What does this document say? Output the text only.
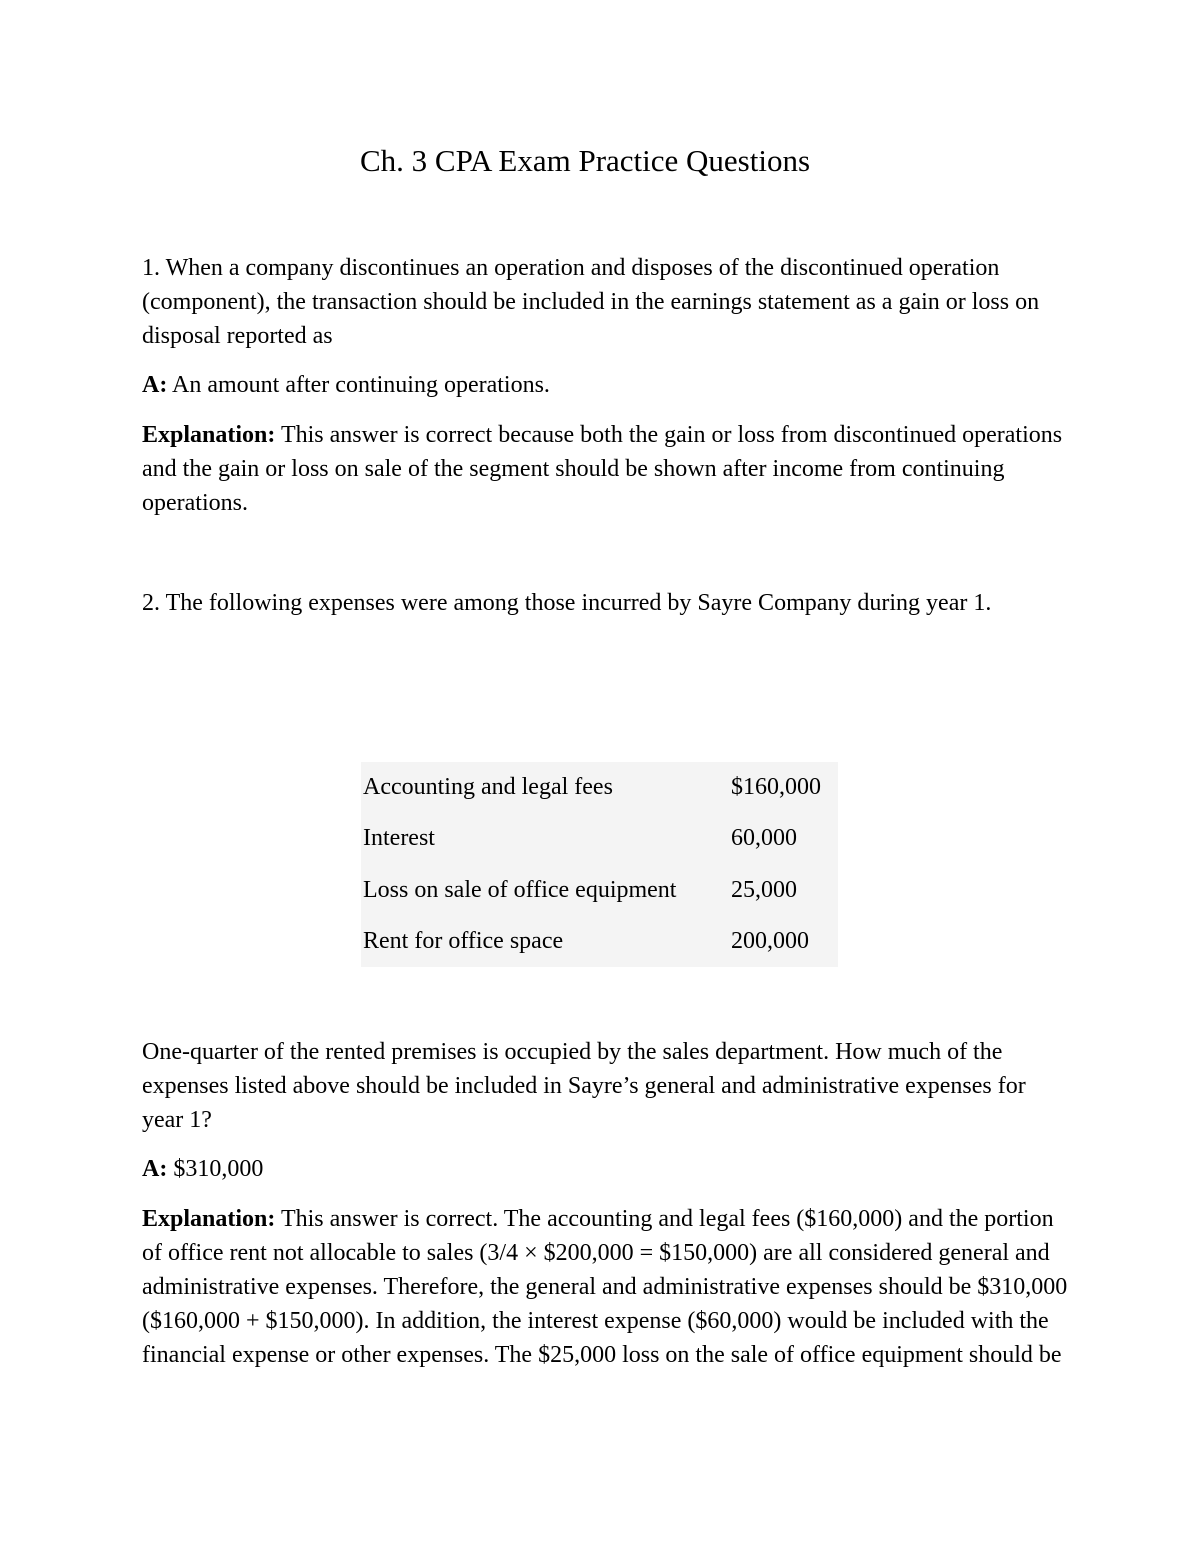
Ch. 3 CPA Exam Practice Questions

1. When a company discontinues an operation and disposes of the discontinued operation (component), the transaction should be included in the earnings statement as a gain or loss on disposal reported as

A: An amount after continuing operations.

Explanation: This answer is correct because both the gain or loss from discontinued operations and the gain or loss on sale of the segment should be shown after income from continuing operations.

2. The following expenses were among those incurred by Sayre Company during year 1.

Accounting and legal fees	$160,000
Interest	60,000
Loss on sale of office equipment	25,000
Rent for office space	200,000

One-quarter of the rented premises is occupied by the sales department. How much of the expenses listed above should be included in Sayre’s general and administrative expenses for year 1?

A: $310,000

Explanation: This answer is correct. The accounting and legal fees ($160,000) and the portion of office rent not allocable to sales (3/4 × $200,000 = $150,000) are all considered general and administrative expenses. Therefore, the general and administrative expenses should be $310,000 ($160,000 + $150,000). In addition, the interest expense ($60,000) would be included with the financial expense or other expenses. The $25,000 loss on the sale of office equipment should be
